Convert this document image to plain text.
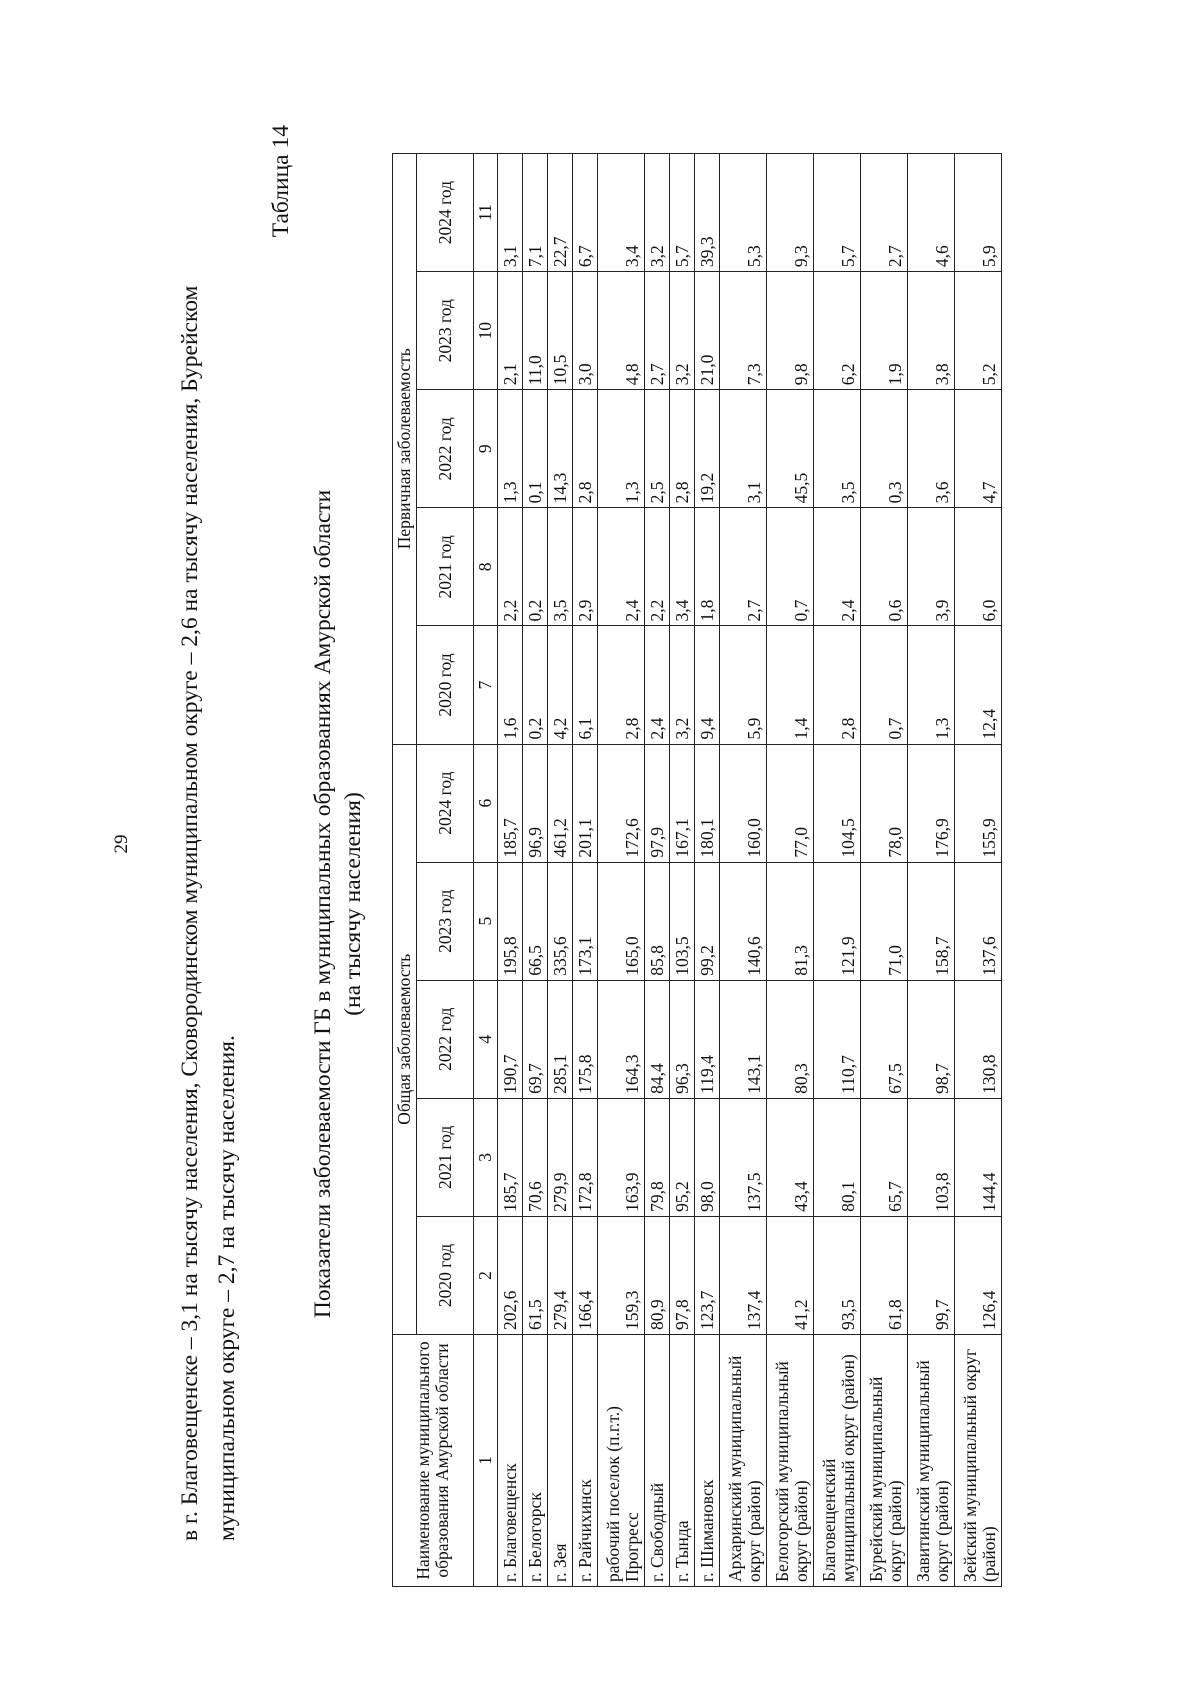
29 в г. Благовещенске – 3,1 на тысячу населения, Сковородинском муниципальном округе – 2,6 на тысячу населения, Бурейском муниципальном округе – 2,7 на тысячу населения.

Таблица 14
Показатели заболеваемости ГБ в муниципальных образованиях Амурской области (на тысячу населения)
Наименование муниципального образования Амурской области	Общая заболеваемость					Первичная заболеваемость				
	2020 год	2021 год	2022 год	2023 год	2024 год	2020 год	2021 год	2022 год	2023 год	2024 год
1	2	3	4	5	6	7	8	9	10	11
г. Благовещенск	202,6	185,7	190,7	195,8	185,7	1,6	2,2	1,3	2,1	3,1
г. Белогорск	61,5	70,6	69,7	66,5	96,9	0,2	0,2	0,1	11,0	7,1
г. Зея	279,4	279,9	285,1	335,6	461,2	4,2	3,5	14,3	10,5	22,7
г. Райчихинск	166,4	172,8	175,8	173,1	201,1	6,1	2,9	2,8	3,0	6,7
рабочий поселок (п.г.т.) Прогресс	159,3	163,9	164,3	165,0	172,6	2,8	2,4	1,3	4,8	3,4
г. Свободный	80,9	79,8	84,4	85,8	97,9	2,4	2,2	2,5	2,7	3,2
г. Тында	97,8	95,2	96,3	103,5	167,1	3,2	3,4	2,8	3,2	5,7
г. Шимановск	123,7	98,0	119,4	99,2	180,1	9,4	1,8	19,2	21,0	39,3
Архаринский муниципальный округ (район)	137,4	137,5	143,1	140,6	160,0	5,9	2,7	3,1	7,3	5,3
Белогорский муниципальный округ (район)	41,2	43,4	80,3	81,3	77,0	1,4	0,7	45,5	9,8	9,3
Благовещенский муниципальный округ (район)	93,5	80,1	110,7	121,9	104,5	2,8	2,4	3,5	6,2	5,7
Бурейский муниципальный округ (район)	61,8	65,7	67,5	71,0	78,0	0,7	0,6	0,3	1,9	2,7
Завитинский муниципальный округ (район)	99,7	103,8	98,7	158,7	176,9	1,3	3,9	3,6	3,8	4,6
Зейский муниципальный округ (район)	126,4	144,4	130,8	137,6	155,9	12,4	6,0	4,7	5,2	5,9
